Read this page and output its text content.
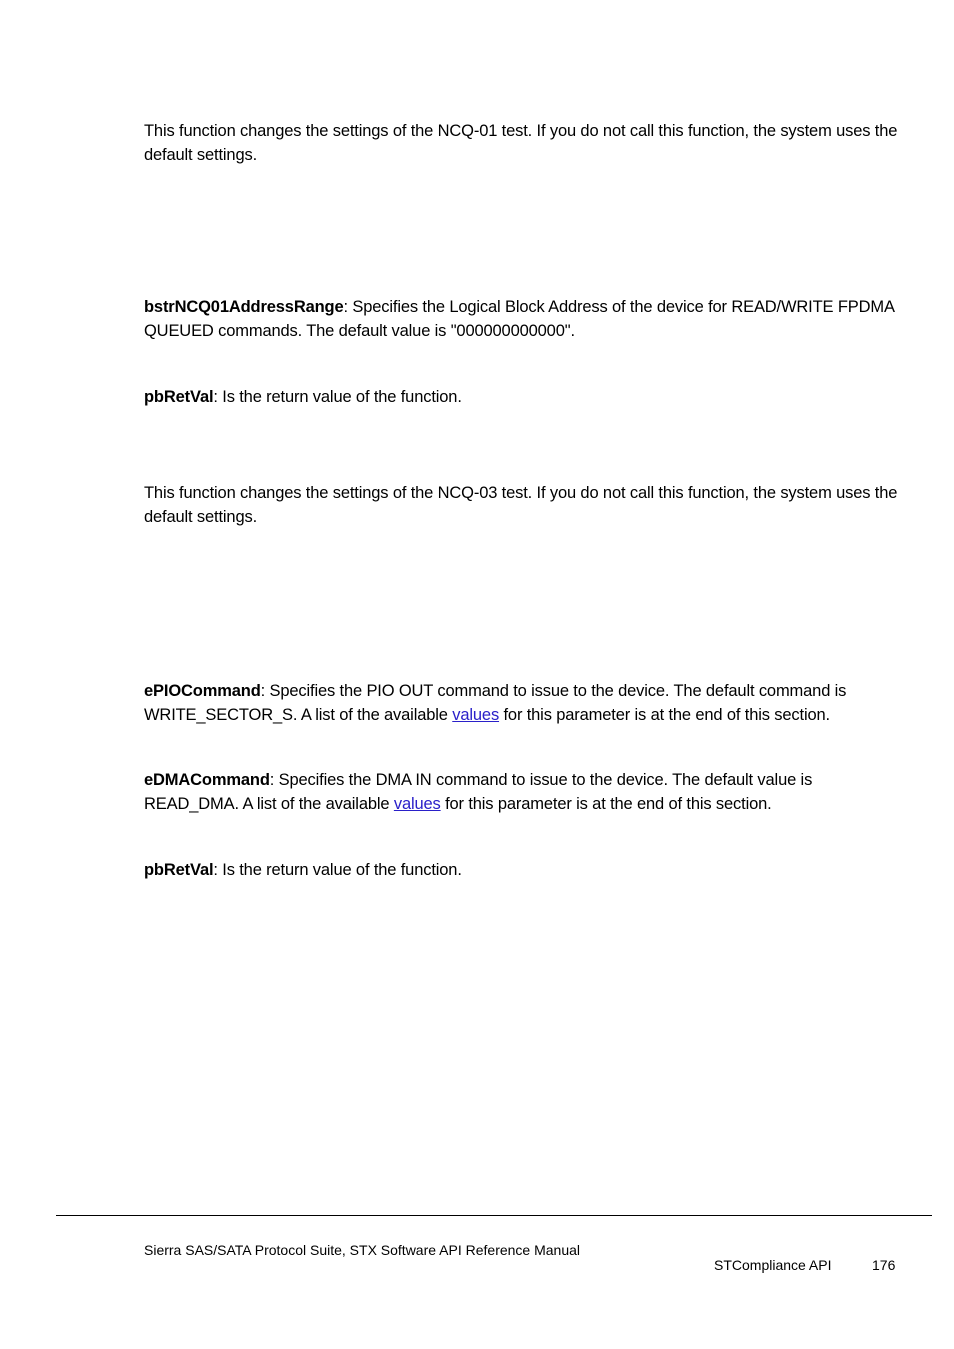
This function changes the settings of the NCQ-01 test. If you do not call this function, the system uses the default settings.

bstrNCQ01AddressRange: Specifies the Logical Block Address of the device for READ/WRITE FPDMA QUEUED commands. The default value is "000000000000".

pbRetVal: Is the return value of the function.

This function changes the settings of the NCQ-03 test. If you do not call this function, the system uses the default settings.

ePIOCommand: Specifies the PIO OUT command to issue to the device. The default command is WRITE_SECTOR_S. A list of the available values for this parameter is at the end of this section.

eDMACommand: Specifies the DMA IN command to issue to the device. The default value is READ_DMA. A list of the available values for this parameter is at the end of this section.

pbRetVal: Is the return value of the function.

Sierra SAS/SATA Protocol Suite, STX Software API Reference Manual
STCompliance API	176
